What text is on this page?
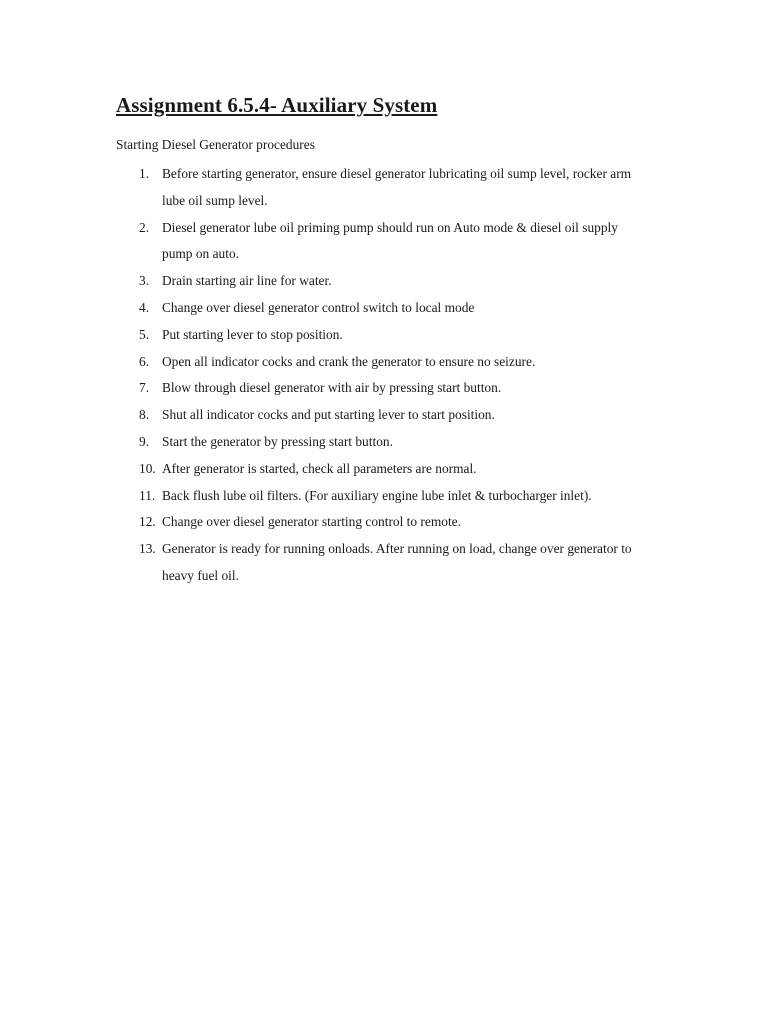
Assignment 6.5.4- Auxiliary System

Starting Diesel Generator procedures

1. Before starting generator, ensure diesel generator lubricating oil sump level, rocker arm lube oil sump level.
2. Diesel generator lube oil priming pump should run on Auto mode & diesel oil supply pump on auto.
3. Drain starting air line for water.
4. Change over diesel generator control switch to local mode
5. Put starting lever to stop position.
6. Open all indicator cocks and crank the generator to ensure no seizure.
7. Blow through diesel generator with air by pressing start button.
8. Shut all indicator cocks and put starting lever to start position.
9. Start the generator by pressing start button.
10. After generator is started, check all parameters are normal.
11. Back flush lube oil filters. (For auxiliary engine lube inlet & turbocharger inlet).
12. Change over diesel generator starting control to remote.
13. Generator is ready for running onloads. After running on load, change over generator to heavy fuel oil.
